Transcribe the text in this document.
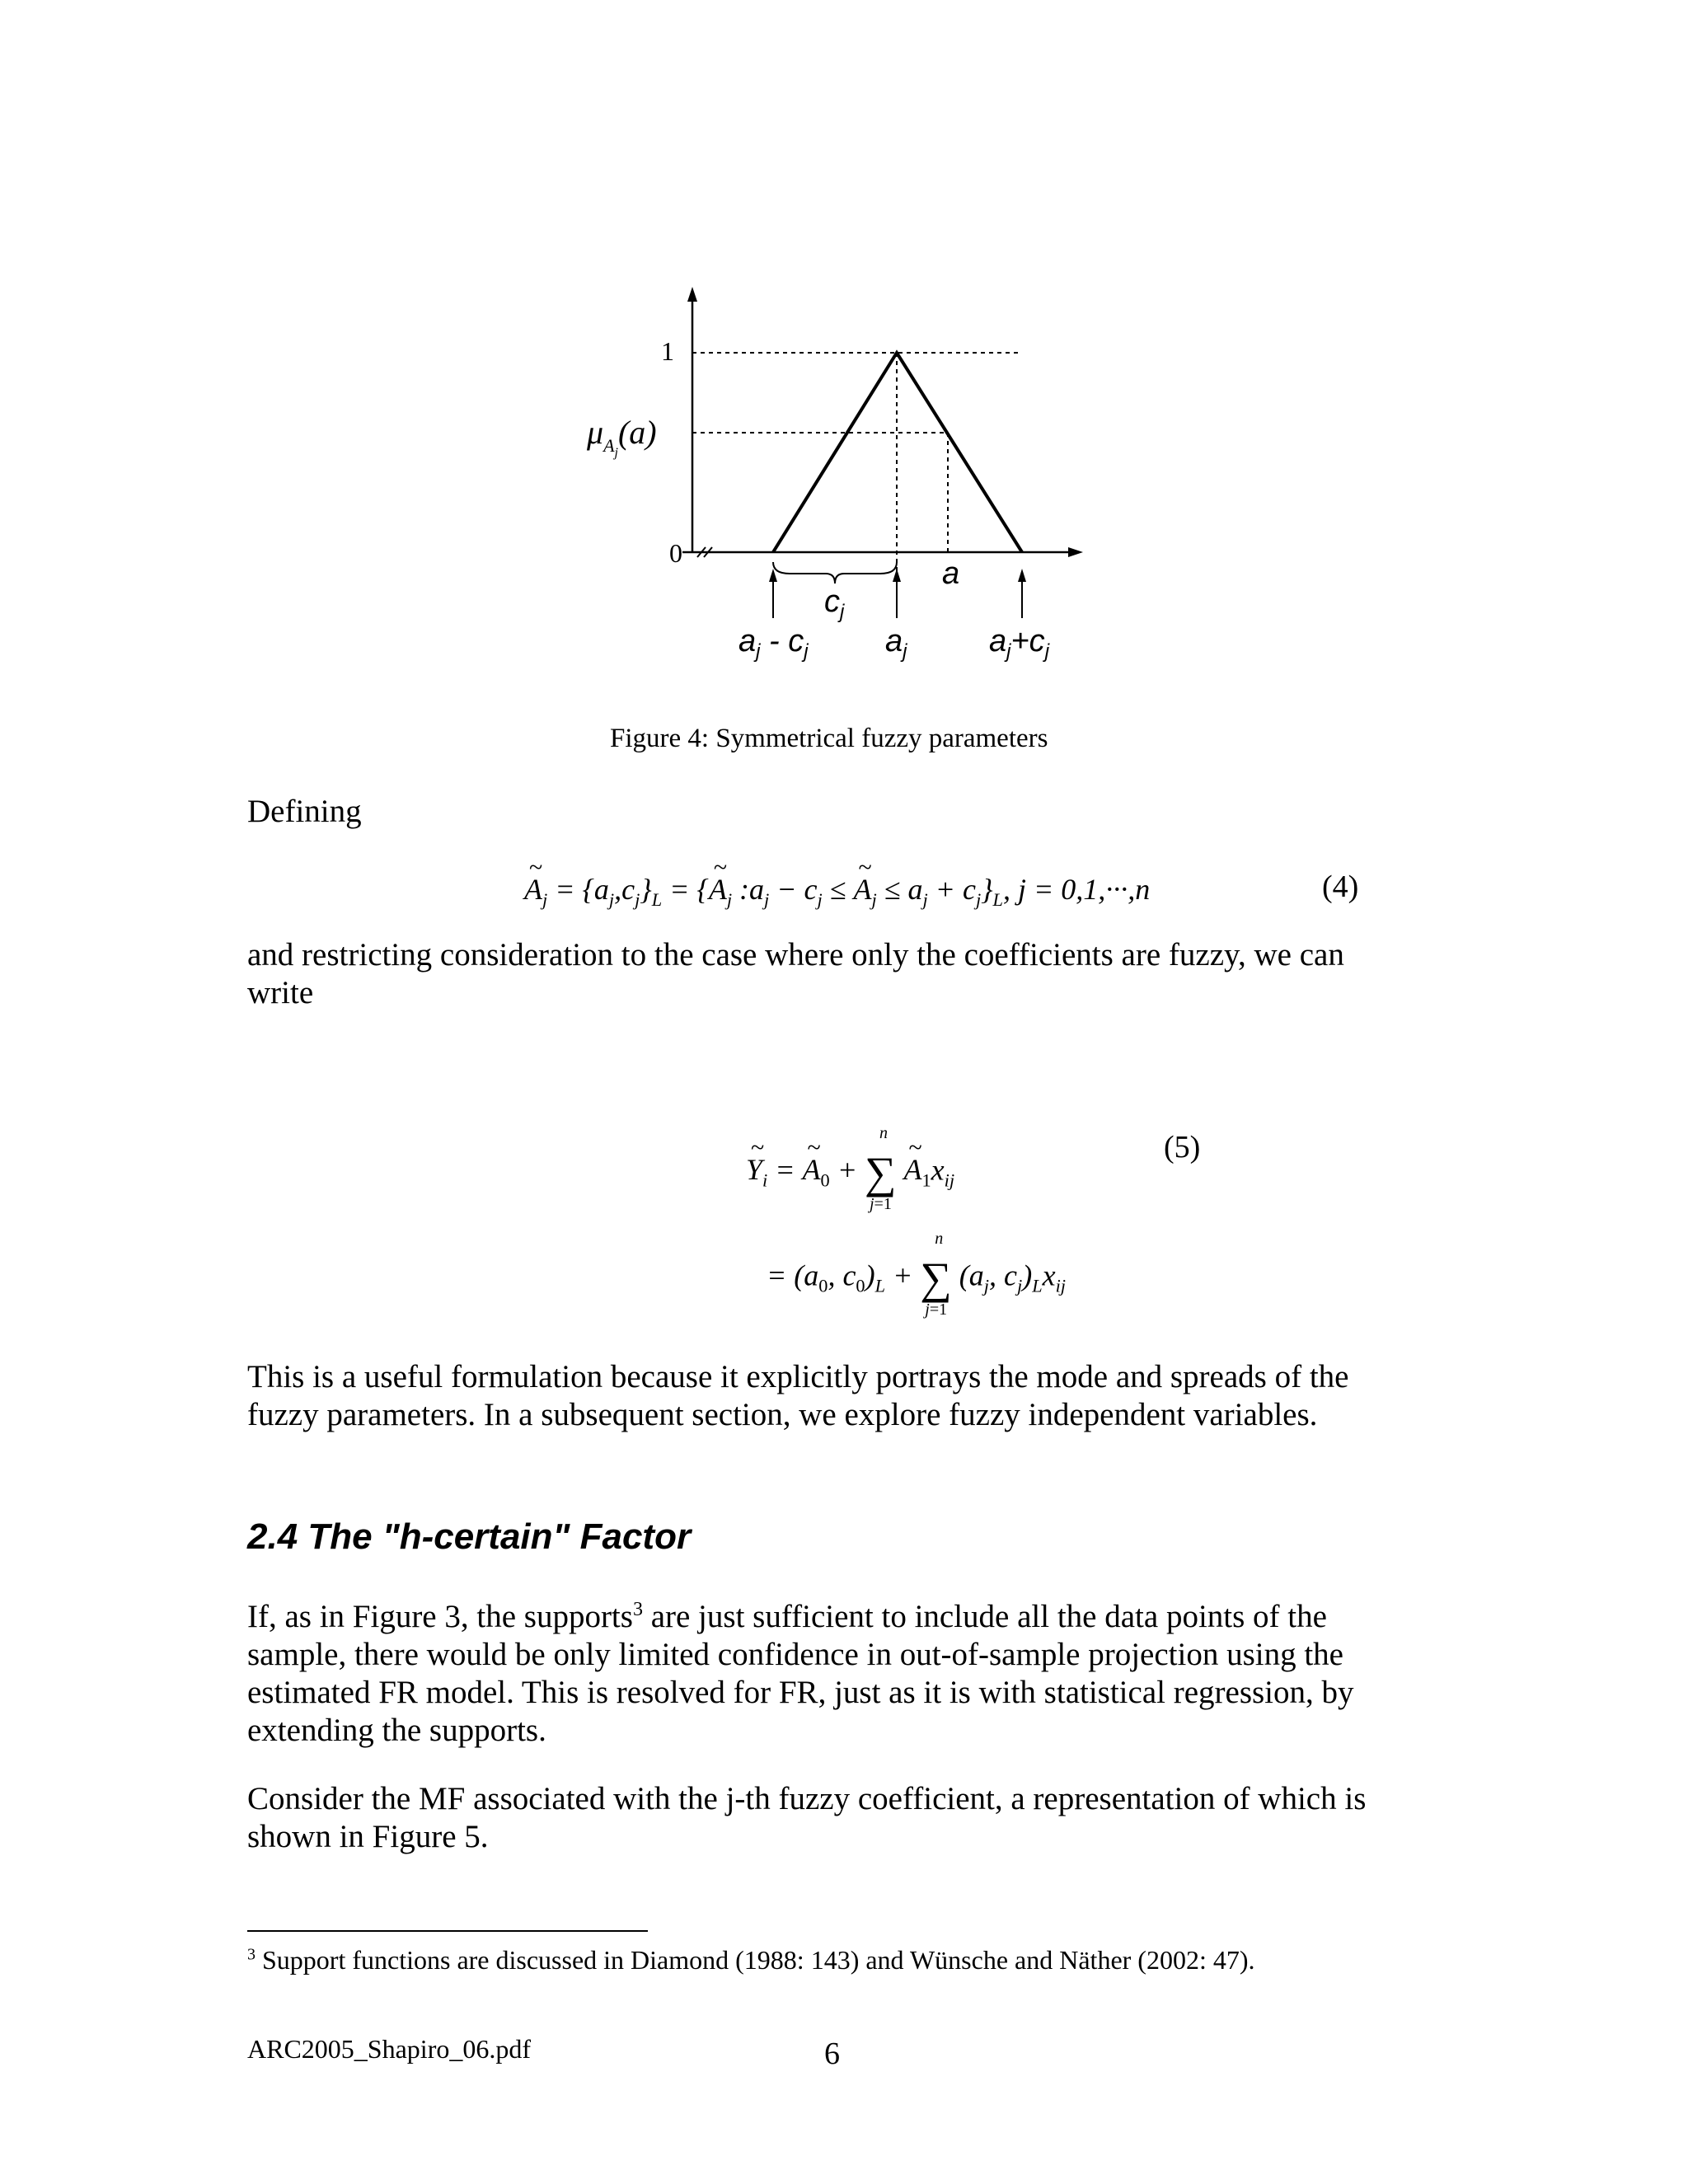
1
0
$\mu_Aj(a)$
$c_j$
a
$a_j - c_j$ $a_j$	$a_j+c_j$
Figure 4: Symmetrical fuzzy parameters
Defining
~ $A_j = \{a_j,c_j\}_L$ = {~ $A_j$ $:a_j - c_j$ ≤ ~ $A_j \le a_j + c_j\}_L$, j = 0,1,···,n	(4)
and restricting consideration to the case where only the coefficients are fuzzy, we can write
~ $Y_i$ = ~ $A_0$ + ∑
n
j=1
~ $A_1x_{ij}$
(5)
= ($a_0$, $c_0)_L$ + ∑
n
j=1
($a_j$, $c_j)_Lx_{ij}$
This is a useful formulation because it explicitly portrays the mode and spreads of the fuzzy parameters. In a subsequent section, we explore fuzzy independent variables.
2.4 The "h-certain" Factor
If, as in Figure 3, the supports$^3$ are just sufficient to include all the data points of the sample, there would be only limited confidence in out-of-sample projection using the estimated FR model. This is resolved for FR, just as it is with statistical regression, by extending the supports.
Consider the MF associated with the j-th fuzzy coefficient, a representation of which is shown in Figure 5.
$^3$ Support functions are discussed in Diamond (1988: 143) and Wünsche and Näther (2002: 47).
ARC2005_Shapiro_06.pdf	6
